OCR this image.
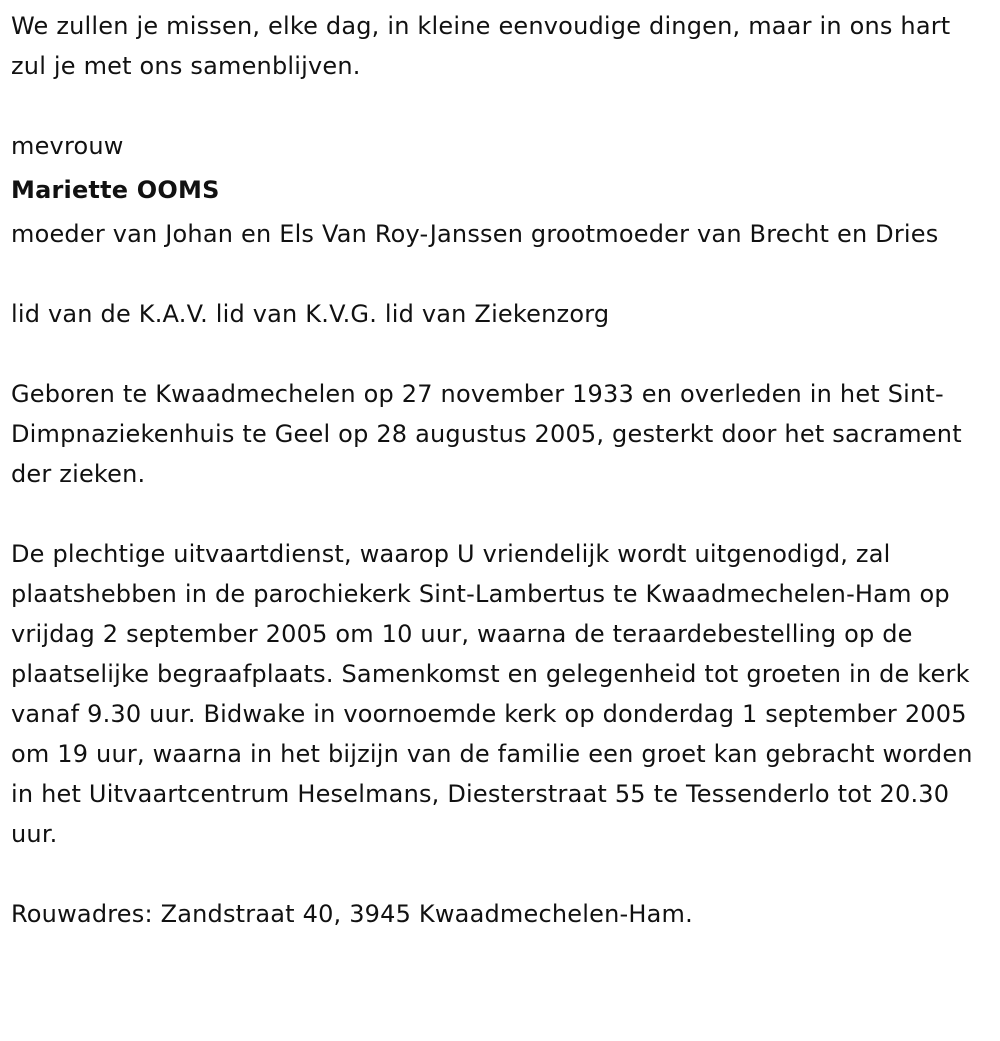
We zullen je missen, elke dag, in kleine eenvoudige dingen, maar in ons hart zul je met ons samenblijven.

mevrouw

Mariette OOMS

moeder van Johan en Els Van Roy-Janssen grootmoeder van Brecht en Dries

lid van de K.A.V. lid van K.V.G. lid van Ziekenzorg

Geboren te Kwaadmechelen op 27 november 1933 en overleden in het Sint-Dimpnaziekenhuis te Geel op 28 augustus 2005, gesterkt door het sacrament der zieken.

De plechtige uitvaartdienst, waarop U vriendelijk wordt uitgenodigd, zal plaatshebben in de parochiekerk Sint-Lambertus te Kwaadmechelen-Ham op vrijdag 2 september 2005 om 10 uur, waarna de teraardebestelling op de plaatselijke begraafplaats. Samenkomst en gelegenheid tot groeten in de kerk vanaf 9.30 uur. Bidwake in voornoemde kerk op donderdag 1 september 2005 om 19 uur, waarna in het bijzijn van de familie een groet kan gebracht worden in het Uitvaartcentrum Heselmans, Diesterstraat 55 te Tessenderlo tot 20.30 uur.

Rouwadres: Zandstraat 40, 3945 Kwaadmechelen-Ham.
